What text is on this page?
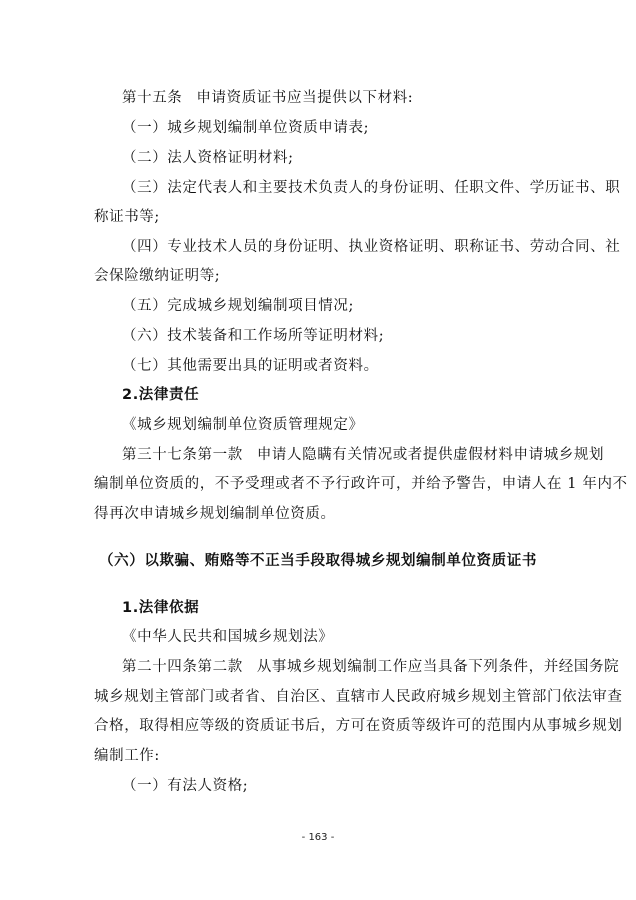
第十五条 申请资质证书应当提供以下材料:
（一）城乡规划编制单位资质申请表;
（二）法人资格证明材料;
（三）法定代表人和主要技术负责人的身份证明、任职文件、学历证书、职
称证书等;
（四）专业技术人员的身份证明、执业资格证明、职称证书、劳动合同、社
会保险缴纳证明等;
（五）完成城乡规划编制项目情况;
（六）技术装备和工作场所等证明材料;
（七）其他需要出具的证明或者资料。
2.法律责任
《城乡规划编制单位资质管理规定》
第三十七条第一款 申请人隐瞒有关情况或者提供虚假材料申请城乡规划
编制单位资质的，不予受理或者不予行政许可，并给予警告，申请人在 1 年内不
得再次申请城乡规划编制单位资质。
（六）以欺骗、贿赂等不正当手段取得城乡规划编制单位资质证书
1.法律依据
《中华人民共和国城乡规划法》
第二十四条第二款 从事城乡规划编制工作应当具备下列条件，并经国务院
城乡规划主管部门或者省、自治区、直辖市人民政府城乡规划主管部门依法审查
合格，取得相应等级的资质证书后，方可在资质等级许可的范围内从事城乡规划
编制工作:
（一）有法人资格;
- 163 -
